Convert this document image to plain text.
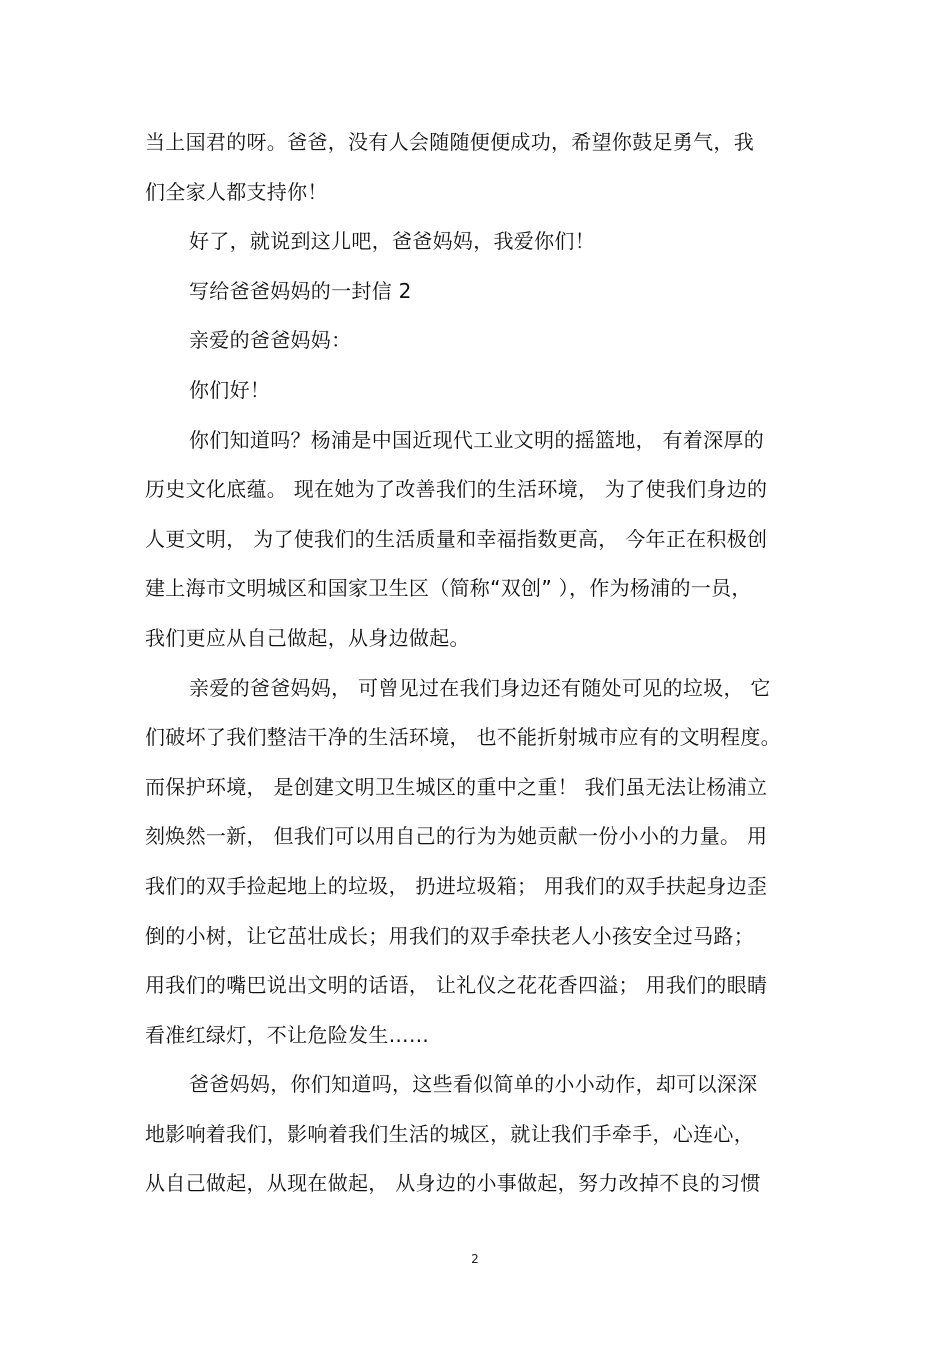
当上国君的呀。爸爸，没有人会随随便便成功，希望你鼓足勇气，我
们全家人都支持你！
好了，就说到这儿吧，爸爸妈妈，我爱你们！
写给爸爸妈妈的一封信 2
亲爱的爸爸妈妈：
你们好！
你们知道吗？杨浦是中国近现代工业文明的摇篮地， 有着深厚的
历史文化底蕴。 现在她为了改善我们的生活环境， 为了使我们身边的
人更文明， 为了使我们的生活质量和幸福指数更高， 今年正在积极创
建上海市文明城区和国家卫生区（简称“双创” ），作为杨浦的一员，
我们更应从自己做起，从身边做起。
亲爱的爸爸妈妈， 可曾见过在我们身边还有随处可见的垃圾， 它
们破坏了我们整洁干净的生活环境， 也不能折射城市应有的文明程度。
而保护环境， 是创建文明卫生城区的重中之重！ 我们虽无法让杨浦立
刻焕然一新， 但我们可以用自己的行为为她贡献一份小小的力量。 用
我们的双手捡起地上的垃圾， 扔进垃圾箱； 用我们的双手扶起身边歪
倒的小树，让它茁壮成长；用我们的双手牵扶老人小孩安全过马路；
用我们的嘴巴说出文明的话语， 让礼仪之花花香四溢； 用我们的眼睛
看准红绿灯，不让危险发生……
爸爸妈妈，你们知道吗，这些看似简单的小小动作，却可以深深
地影响着我们，影响着我们生活的城区，就让我们手牵手，心连心，
从自己做起，从现在做起， 从身边的小事做起，努力改掉不良的习惯
2
